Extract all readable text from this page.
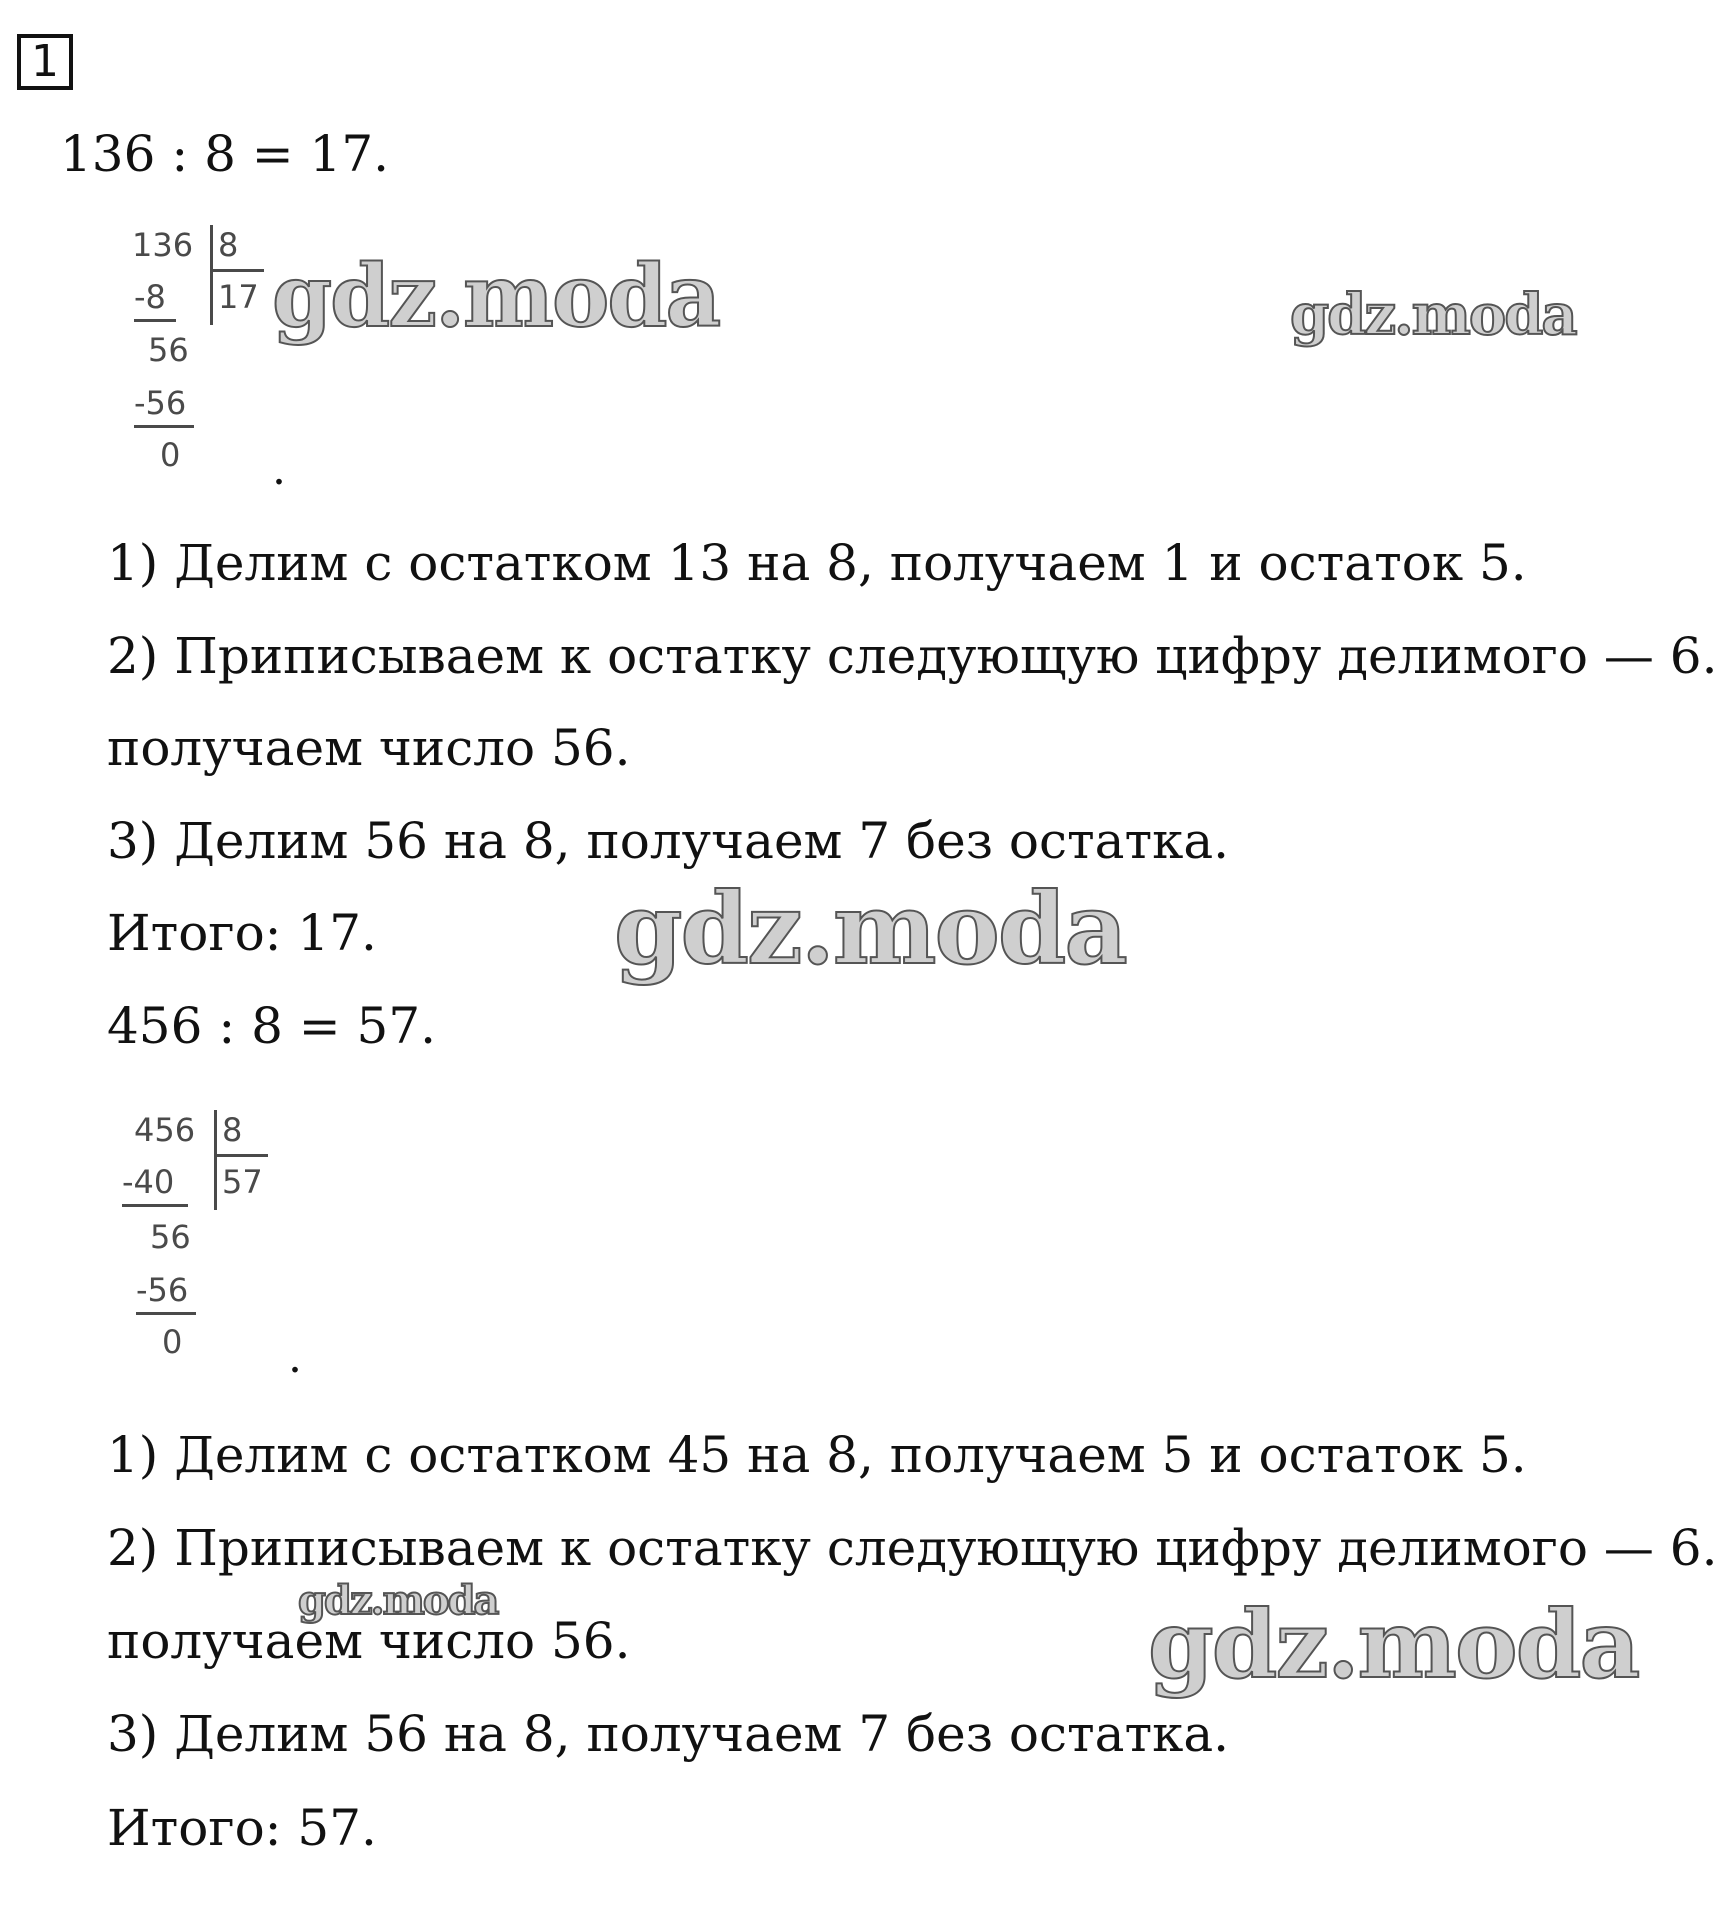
1
136 : 8 = 17.
136 8
17
-8
56
-56
0 .
1) Делим с остатком 13 на 8, получаем 1 и остаток 5.
2) Приписываем к остатку следующую цифру делимого — 6.
получаем число 56.
3) Делим 56 на 8, получаем 7 без остатка.
Итого: 17.
456 : 8 = 57.
456 8
57
-40
56
-56
0 .
1) Делим с остатком 45 на 8, получаем 5 и остаток 5.
2) Приписываем к остатку следующую цифру делимого — 6.
получаем число 56.
3) Делим 56 на 8, получаем 7 без остатка.
Итого: 57.
gdz.moda	gdz.moda
gdz.moda
gdz.moda	gdz.moda
